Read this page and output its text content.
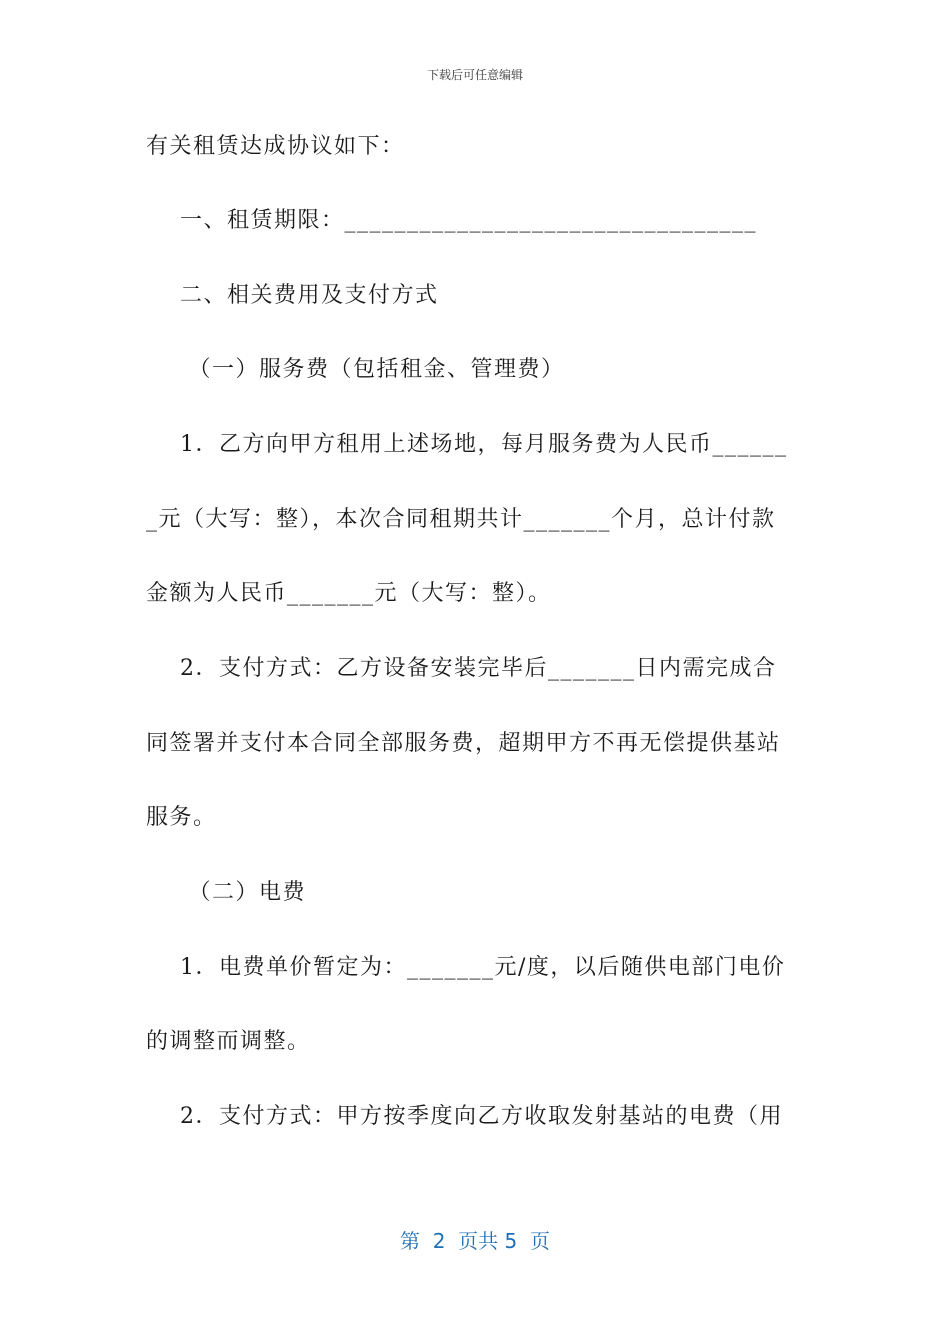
下载后可任意编辑
有关租赁达成协议如下：
一、租赁期限：_________________________________
二、相关费用及支付方式
（一）服务费（包括租金、管理费）
1．乙方向甲方租用上述场地，每月服务费为人民币______
_元（大写：整），本次合同租期共计_______个月，总计付款
金额为人民币_______元（大写：整）。
2．支付方式：乙方设备安装完毕后_______日内需完成合
同签署并支付本合同全部服务费，超期甲方不再无偿提供基站
服务。
（二）电费
1．电费单价暂定为：_______元/度，以后随供电部门电价
的调整而调整。
2．支付方式：甲方按季度向乙方收取发射基站的电费（用
第  2  页共 5  页
